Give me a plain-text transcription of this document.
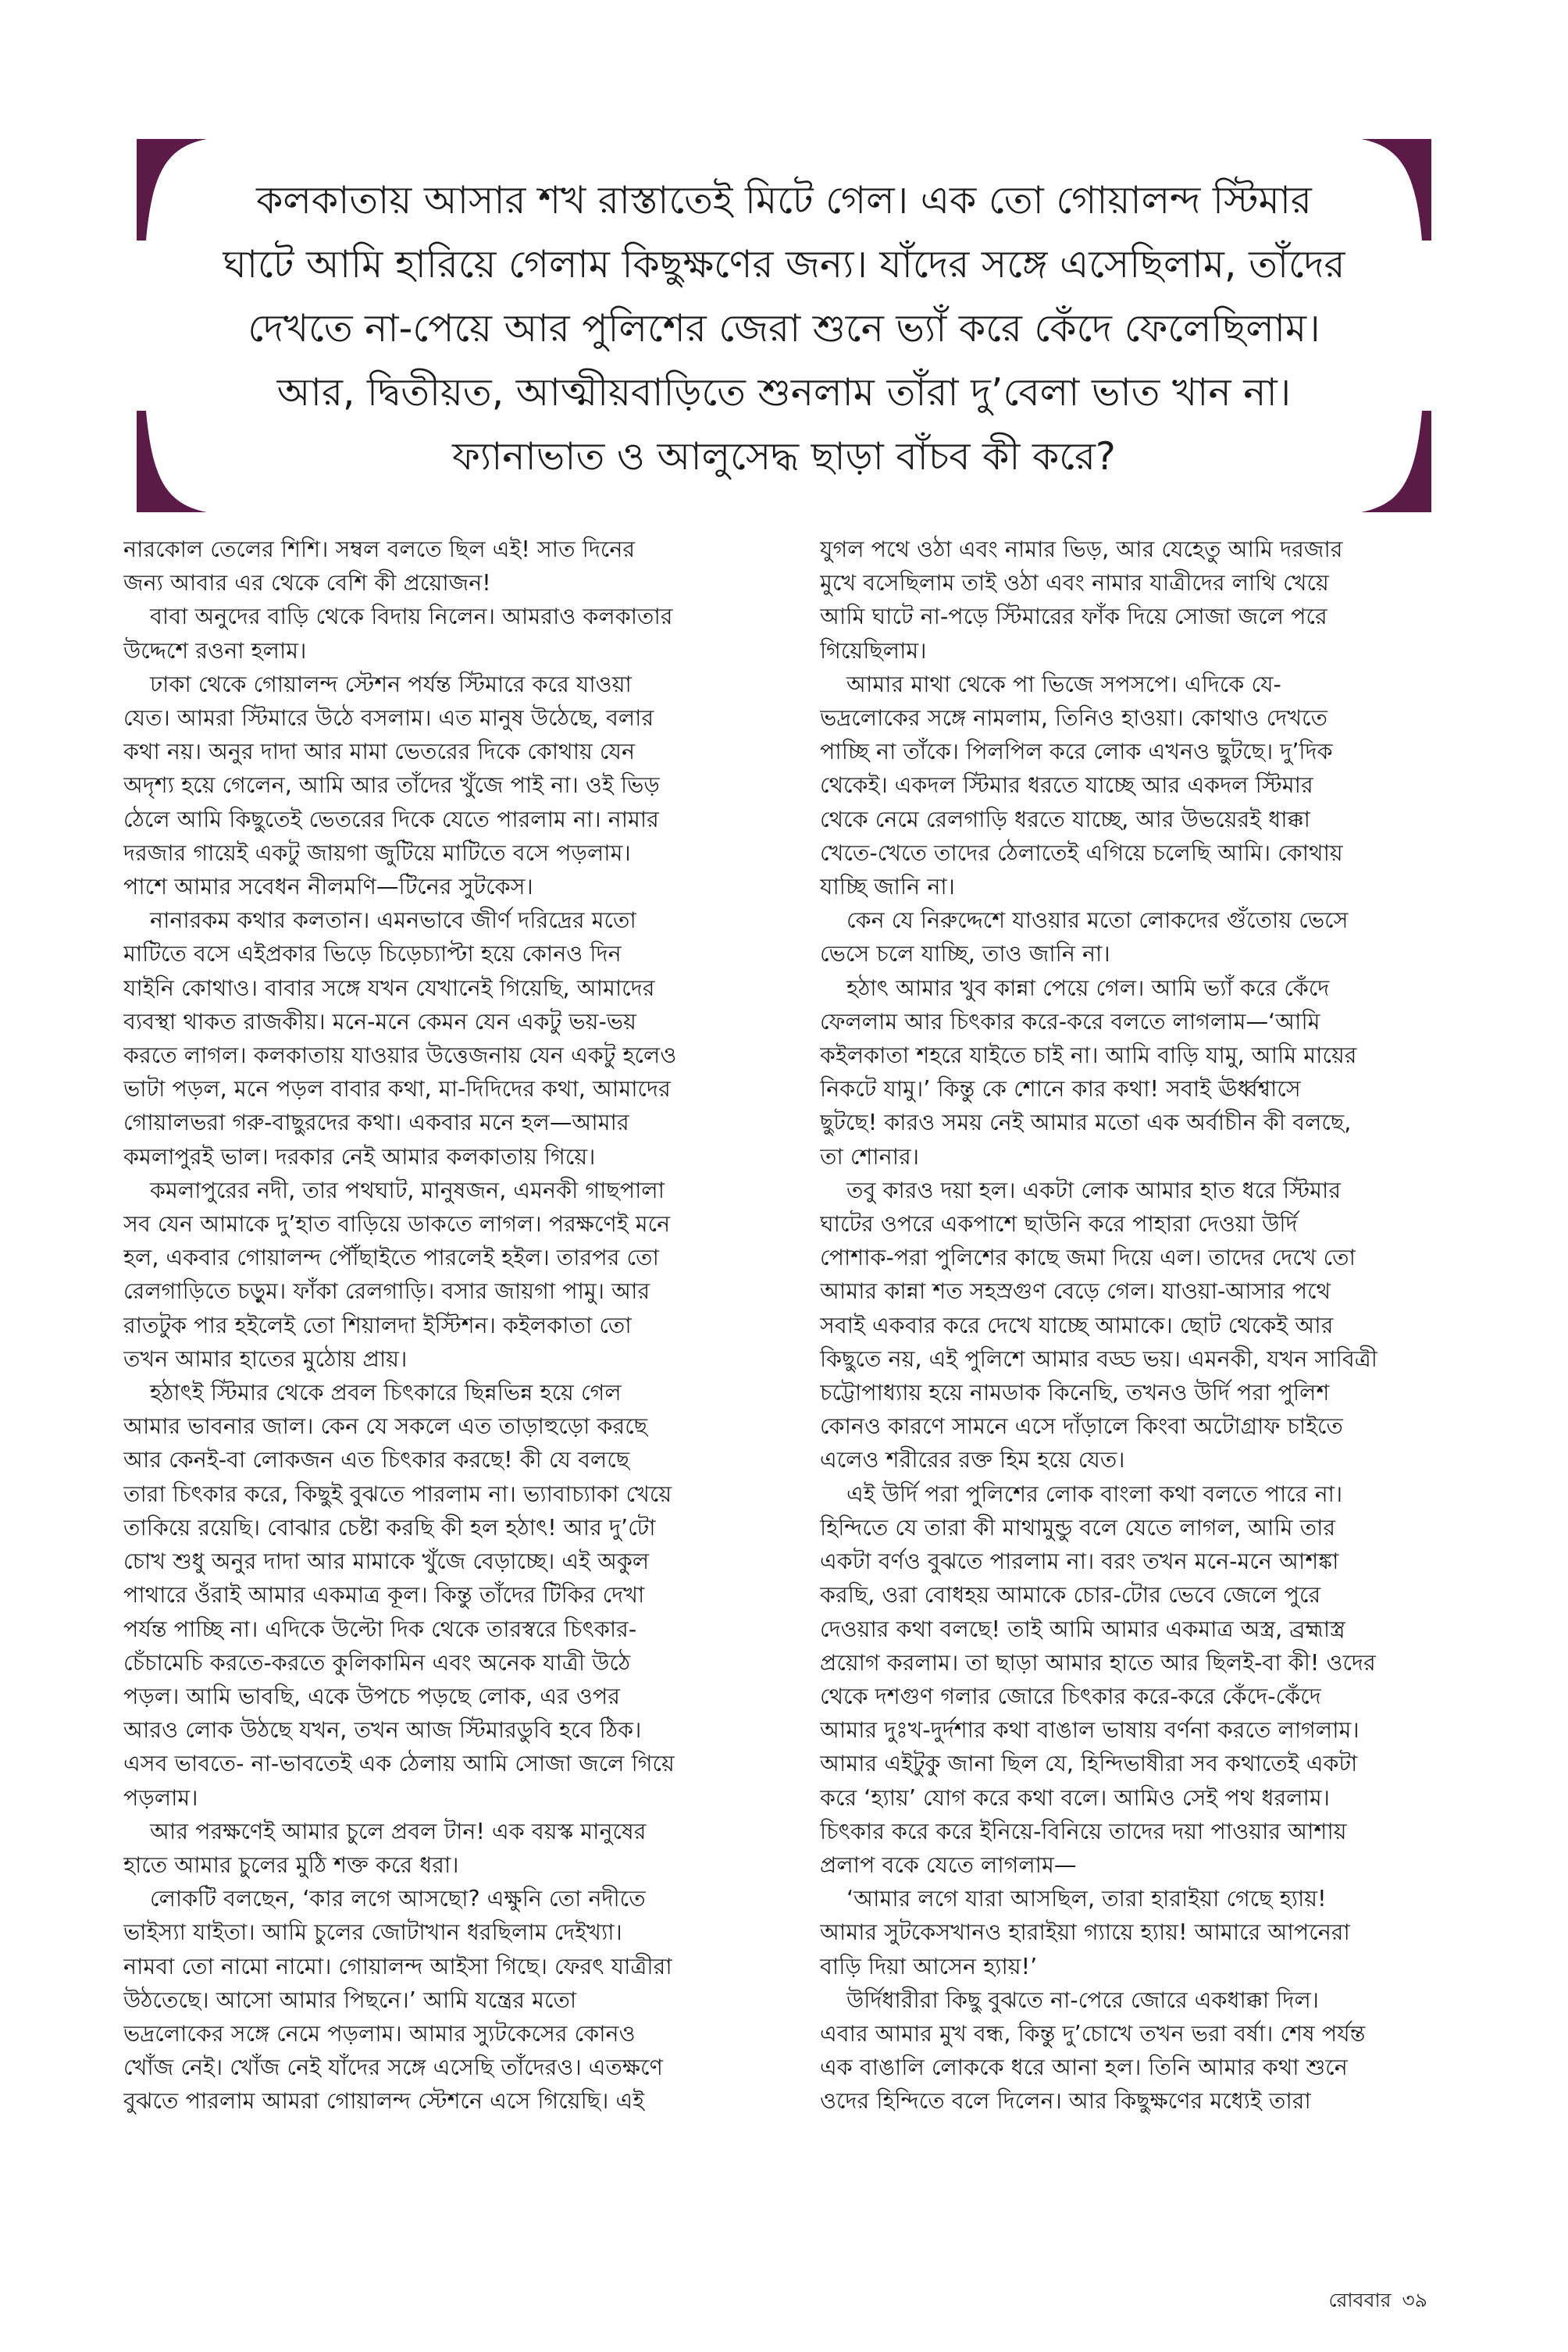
কলকাতায় আসার শখ রাস্তাতেই মিটে গেল। এক তো গোয়ালন্দ স্টিমার
ঘাটে আমি হারিয়ে গেলাম কিছুক্ষণের জন্য। যাঁদের সঙ্গে এসেছিলাম, তাঁদের
দেখতে না-পেয়ে আর পুলিশের জেরা শুনে ভ্যাঁ করে কেঁদে ফেলেছিলাম।
আর, দ্বিতীয়ত, আত্মীয়বাড়িতে শুনলাম তাঁরা দু’বেলা ভাত খান না।
ফ্যানাভাত ও আলুসেদ্ধ ছাড়া বাঁচব কী করে?
নারকোল তেলের শিশি। সম্বল বলতে ছিল এই! সাত দিনের
জন্য আবার এর থেকে বেশি কী প্রয়োজন!
বাবা অনুদের বাড়ি থেকে বিদায় নিলেন। আমরাও কলকাতার
উদ্দেশে রওনা হলাম।
ঢাকা থেকে গোয়ালন্দ স্টেশন পর্যন্ত স্টিমারে করে যাওয়া
যেত। আমরা স্টিমারে উঠে বসলাম। এত মানুষ উঠেছে, বলার
কথা নয়। অনুর দাদা আর মামা ভেতরের দিকে কোথায় যেন
অদৃশ্য হয়ে গেলেন, আমি আর তাঁদের খুঁজে পাই না। ওই ভিড়
ঠেলে আমি কিছুতেই ভেতরের দিকে যেতে পারলাম না। নামার
দরজার গায়েই একটু জায়গা জুটিয়ে মাটিতে বসে পড়লাম।
পাশে আমার সবেধন নীলমণি—টিনের সুটকেস।
নানারকম কথার কলতান। এমনভাবে জীর্ণ দরিদ্রের মতো
মাটিতে বসে এইপ্রকার ভিড়ে চিড়েচ্যাপ্টা হয়ে কোনও দিন
যাইনি কোথাও। বাবার সঙ্গে যখন যেখানেই গিয়েছি, আমাদের
ব্যবস্থা থাকত রাজকীয়। মনে-মনে কেমন যেন একটু ভয়-ভয়
করতে লাগল। কলকাতায় যাওয়ার উত্তেজনায় যেন একটু হলেও
ভাটা পড়ল, মনে পড়ল বাবার কথা, মা-দিদিদের কথা, আমাদের
গোয়ালভরা গরু-বাছুরদের কথা। একবার মনে হল—আমার
কমলাপুরই ভাল। দরকার নেই আমার কলকাতায় গিয়ে।
কমলাপুরের নদী, তার পথঘাট, মানুষজন, এমনকী গাছপালা
সব যেন আমাকে দু’হাত বাড়িয়ে ডাকতে লাগল। পরক্ষণেই মনে
হল, একবার গোয়ালন্দ পৌঁছাইতে পারলেই হইল। তারপর তো
রেলগাড়িতে চড়ুম। ফাঁকা রেলগাড়ি। বসার জায়গা পামু। আর
রাতটুক পার হইলেই তো শিয়ালদা ইস্টিশন। কইলকাতা তো
তখন আমার হাতের মুঠোয় প্রায়।
হঠাৎই স্টিমার থেকে প্রবল চিৎকারে ছিন্নভিন্ন হয়ে গেল
আমার ভাবনার জাল। কেন যে সকলে এত তাড়াহুড়ো করছে
আর কেনই-বা লোকজন এত চিৎকার করছে! কী যে বলছে
তারা চিৎকার করে, কিছুই বুঝতে পারলাম না। ভ্যাবাচ্যাকা খেয়ে
তাকিয়ে রয়েছি। বোঝার চেষ্টা করছি কী হল হঠাৎ! আর দু’টো
চোখ শুধু অনুর দাদা আর মামাকে খুঁজে বেড়াচ্ছে। এই অকুল
পাথারে ওঁরাই আমার একমাত্র কূল। কিন্তু তাঁদের টিকির দেখা
পর্যন্ত পাচ্ছি না। এদিকে উল্টো দিক থেকে তারস্বরে চিৎকার-
চেঁচামেচি করতে-করতে কুলিকামিন এবং অনেক যাত্রী উঠে
পড়ল। আমি ভাবছি, একে উপচে পড়ছে লোক, এর ওপর
আরও লোক উঠছে যখন, তখন আজ স্টিমারডুবি হবে ঠিক।
এসব ভাবতে- না-ভাবতেই এক ঠেলায় আমি সোজা জলে গিয়ে
পড়লাম।
আর পরক্ষণেই আমার চুলে প্রবল টান! এক বয়স্ক মানুষের
হাতে আমার চুলের মুঠি শক্ত করে ধরা।
লোকটি বলছেন, ‘কার লগে আসছো? এক্ষুনি তো নদীতে
ভাইস্যা যাইতা। আমি চুলের জোটাখান ধরছিলাম দেইখ্যা।
নামবা তো নামো নামো। গোয়ালন্দ আইসা গিছে। ফেরৎ যাত্রীরা
উঠতেছে। আসো আমার পিছনে।’ আমি যন্ত্রের মতো
ভদ্রলোকের সঙ্গে নেমে পড়লাম। আমার স্যুটকেসের কোনও
খোঁজ নেই। খোঁজ নেই যাঁদের সঙ্গে এসেছি তাঁদেরও। এতক্ষণে
বুঝতে পারলাম আমরা গোয়ালন্দ স্টেশনে এসে গিয়েছি। এই
যুগল পথে ওঠা এবং নামার ভিড়, আর যেহেতু আমি দরজার
মুখে বসেছিলাম তাই ওঠা এবং নামার যাত্রীদের লাথি খেয়ে
আমি ঘাটে না-পড়ে স্টিমারের ফাঁক দিয়ে সোজা জলে পরে
গিয়েছিলাম।
আমার মাথা থেকে পা ভিজে সপসপে। এদিকে যে-
ভদ্রলোকের সঙ্গে নামলাম, তিনিও হাওয়া। কোথাও দেখতে
পাচ্ছি না তাঁকে। পিলপিল করে লোক এখনও ছুটছে। দু’দিক
থেকেই। একদল স্টিমার ধরতে যাচ্ছে আর একদল স্টিমার
থেকে নেমে রেলগাড়ি ধরতে যাচ্ছে, আর উভয়েরই ধাক্কা
খেতে-খেতে তাদের ঠেলাতেই এগিয়ে চলেছি আমি। কোথায়
যাচ্ছি জানি না।
কেন যে নিরুদ্দেশে যাওয়ার মতো লোকদের গুঁতোয় ভেসে
ভেসে চলে যাচ্ছি, তাও জানি না।
হঠাৎ আমার খুব কান্না পেয়ে গেল। আমি ভ্যাঁ করে কেঁদে
ফেললাম আর চিৎকার করে-করে বলতে লাগলাম—‘আমি
কইলকাতা শহরে যাইতে চাই না। আমি বাড়ি যামু, আমি মায়ের
নিকটে যামু।’ কিন্তু কে শোনে কার কথা! সবাই ঊর্ধ্বশ্বাসে
ছুটছে! কারও সময় নেই আমার মতো এক অর্বাচীন কী বলছে,
তা শোনার।
তবু কারও দয়া হল। একটা লোক আমার হাত ধরে স্টিমার
ঘাটের ওপরে একপাশে ছাউনি করে পাহারা দেওয়া উর্দি
পোশাক-পরা পুলিশের কাছে জমা দিয়ে এল। তাদের দেখে তো
আমার কান্না শত সহস্রগুণ বেড়ে গেল। যাওয়া-আসার পথে
সবাই একবার করে দেখে যাচ্ছে আমাকে। ছোট থেকেই আর
কিছুতে নয়, এই পুলিশে আমার বড্ড ভয়। এমনকী, যখন সাবিত্রী
চট্টোপাধ্যায় হয়ে নামডাক কিনেছি, তখনও উর্দি পরা পুলিশ
কোনও কারণে সামনে এসে দাঁড়ালে কিংবা অটোগ্রাফ চাইতে
এলেও শরীরের রক্ত হিম হয়ে যেত।
এই উর্দি পরা পুলিশের লোক বাংলা কথা বলতে পারে না।
হিন্দিতে যে তারা কী মাথামুন্ডু বলে যেতে লাগল, আমি তার
একটা বর্ণও বুঝতে পারলাম না। বরং তখন মনে-মনে আশঙ্কা
করছি, ওরা বোধহয় আমাকে চোর-টোর ভেবে জেলে পুরে
দেওয়ার কথা বলছে! তাই আমি আমার একমাত্র অস্ত্র, ব্রহ্মাস্ত্র
প্রয়োগ করলাম। তা ছাড়া আমার হাতে আর ছিলই-বা কী! ওদের
থেকে দশগুণ গলার জোরে চিৎকার করে-করে কেঁদে-কেঁদে
আমার দুঃখ-দুর্দশার কথা বাঙাল ভাষায় বর্ণনা করতে লাগলাম।
আমার এইটুকু জানা ছিল যে, হিন্দিভাষীরা সব কথাতেই একটা
করে ‘হ্যায়’ যোগ করে কথা বলে। আমিও সেই পথ ধরলাম।
চিৎকার করে করে ইনিয়ে-বিনিয়ে তাদের দয়া পাওয়ার আশায়
প্রলাপ বকে যেতে লাগলাম—
‘আমার লগে যারা আসছিল, তারা হারাইয়া গেছে হ্যায়!
আমার সুটকেসখানও হারাইয়া গ্যায়ে হ্যায়! আমারে আপনেরা
বাড়ি দিয়া আসেন হ্যায়!’
উর্দিধারীরা কিছু বুঝতে না-পেরে জোরে একধাক্কা দিল।
এবার আমার মুখ বন্ধ, কিন্তু দু’চোখে তখন ভরা বর্ষা। শেষ পর্যন্ত
এক বাঙালি লোককে ধরে আনা হল। তিনি আমার কথা শুনে
ওদের হিন্দিতে বলে দিলেন। আর কিছুক্ষণের মধ্যেই তারা
রোববার ৩৯
